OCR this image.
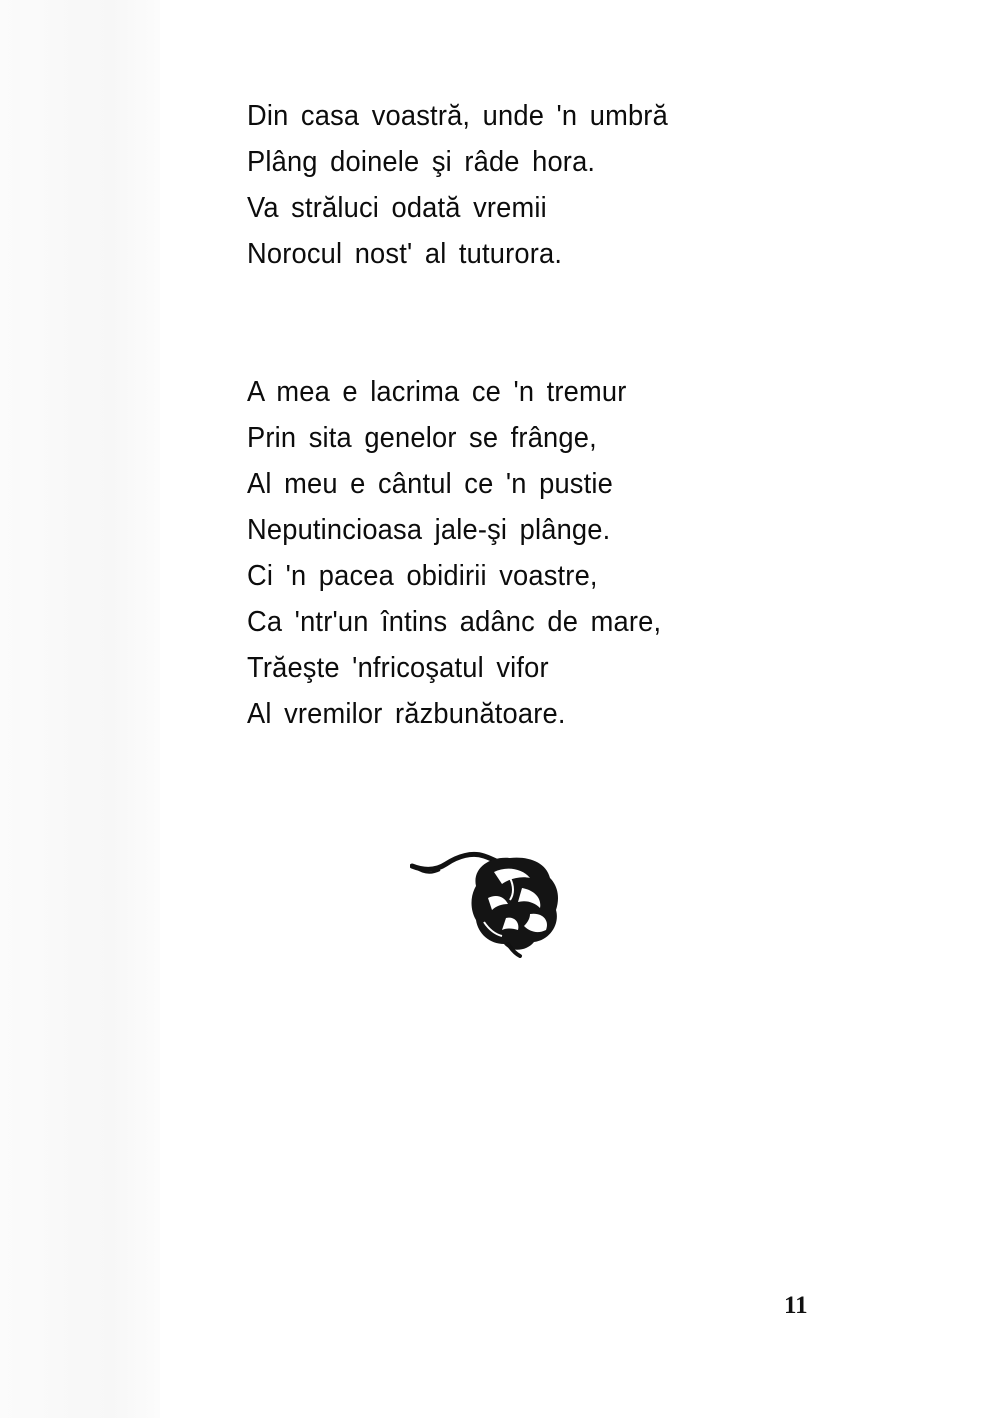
Din casa voastră, unde 'n umbră
Plâng doinele şi râde hora.
Va străluci odată vremii
Norocul nost' al tuturora.
A mea e lacrima ce 'n tremur
Prin sita genelor se frânge,
Al meu e cântul ce 'n pustie
Neputincioasa jale-şi plânge.
Ci 'n pacea obidirii voastre,
Ca 'ntr'un întins adânc de mare,
Trăeşte 'nfricoşatul vifor
Al vremilor răzbunătoare.
11
